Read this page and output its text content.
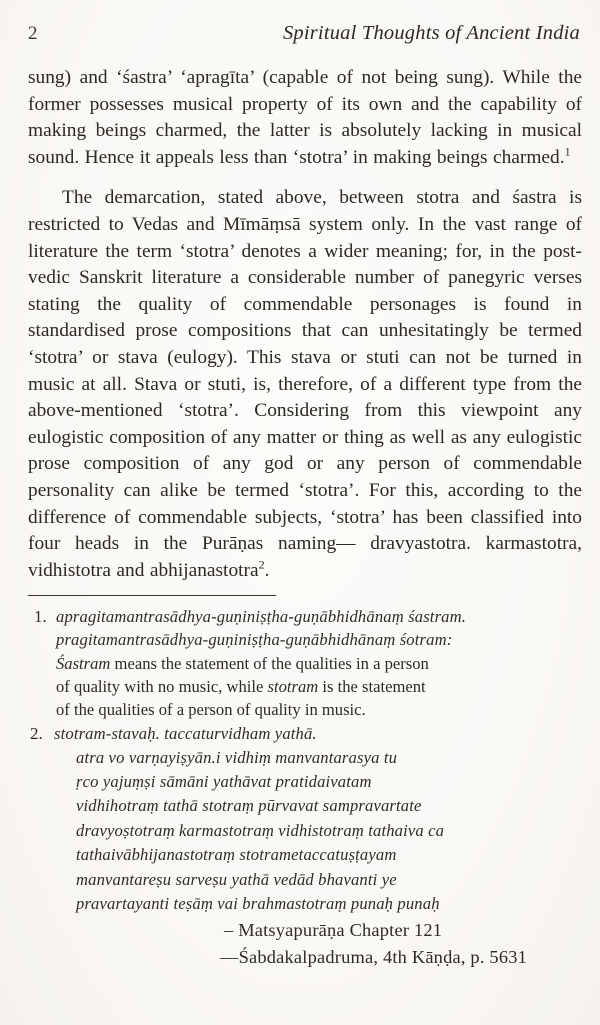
2	Spiritual Thoughts of Ancient India

sung) and ‘śastra’ ‘apragīta’ (capable of not being sung). While the former possesses musical property of its own and the capability of making beings charmed, the latter is absolutely lacking in musical sound. Hence it appeals less than ‘stotra’ in making beings charmed.$^1$

The demarcation, stated above, between stotra and śastra is restricted to Vedas and Mīmāṃsā system only. In the vast range of literature the term ‘stotra’ denotes a wider meaning; for, in the post-vedic Sanskrit literature a considerable number of panegyric verses stating the quality of commendable personages is found in standardised prose compositions that can unhesitatingly be termed ‘stotra’ or stava (eulogy). This stava or stuti can not be turned in music at all. Stava or stuti, is, therefore, of a different type from the above-mentioned ‘stotra’. Considering from this viewpoint any eulogistic composition of any matter or thing as well as any eulogistic prose composition of any god or any person of commendable personality can alike be termed ‘stotra’. For this, according to the difference of commendable subjects, ‘stotra’ has been classified into four heads in the Purāṇas naming— dravyastotra. karmastotra, vidhistotra and abhijanastotra$^2$.

1. apragitamantrasādhya-guṇiniṣṭha-guṇābhidhānaṃ śastram.
pragitamantrasādhya-guṇiniṣṭha-guṇābhidhānaṃ śotram:
Śastram means the statement of the qualities in a person
of quality with no music, while stotram is the statement
of the qualities of a person of quality in music.
2. stotram-stavaḥ. taccaturvidham yathā.
atra vo varṇayiṣyān.i vidhiṃ manvantarasya tu
ṛco yajuṃṣi sāmāni yathāvat pratidaivatam
vidhihotraṃ tathā stotraṃ pūrvavat sampravartate
dravyoṣtotraṃ karmastotraṃ vidhistotraṃ tathaiva ca
tathaivābhijanastotraṃ stotrametaccatuṣṭayam
manvantareṣu sarveṣu yathā vedād bhavanti ye
pravartayanti teṣāṃ vai brahmastotraṃ punaḥ punaḥ
– Matsyapurāṇa Chapter 121
—Śabdakalpadruma, 4th Kāṇḍa, p. 5631
